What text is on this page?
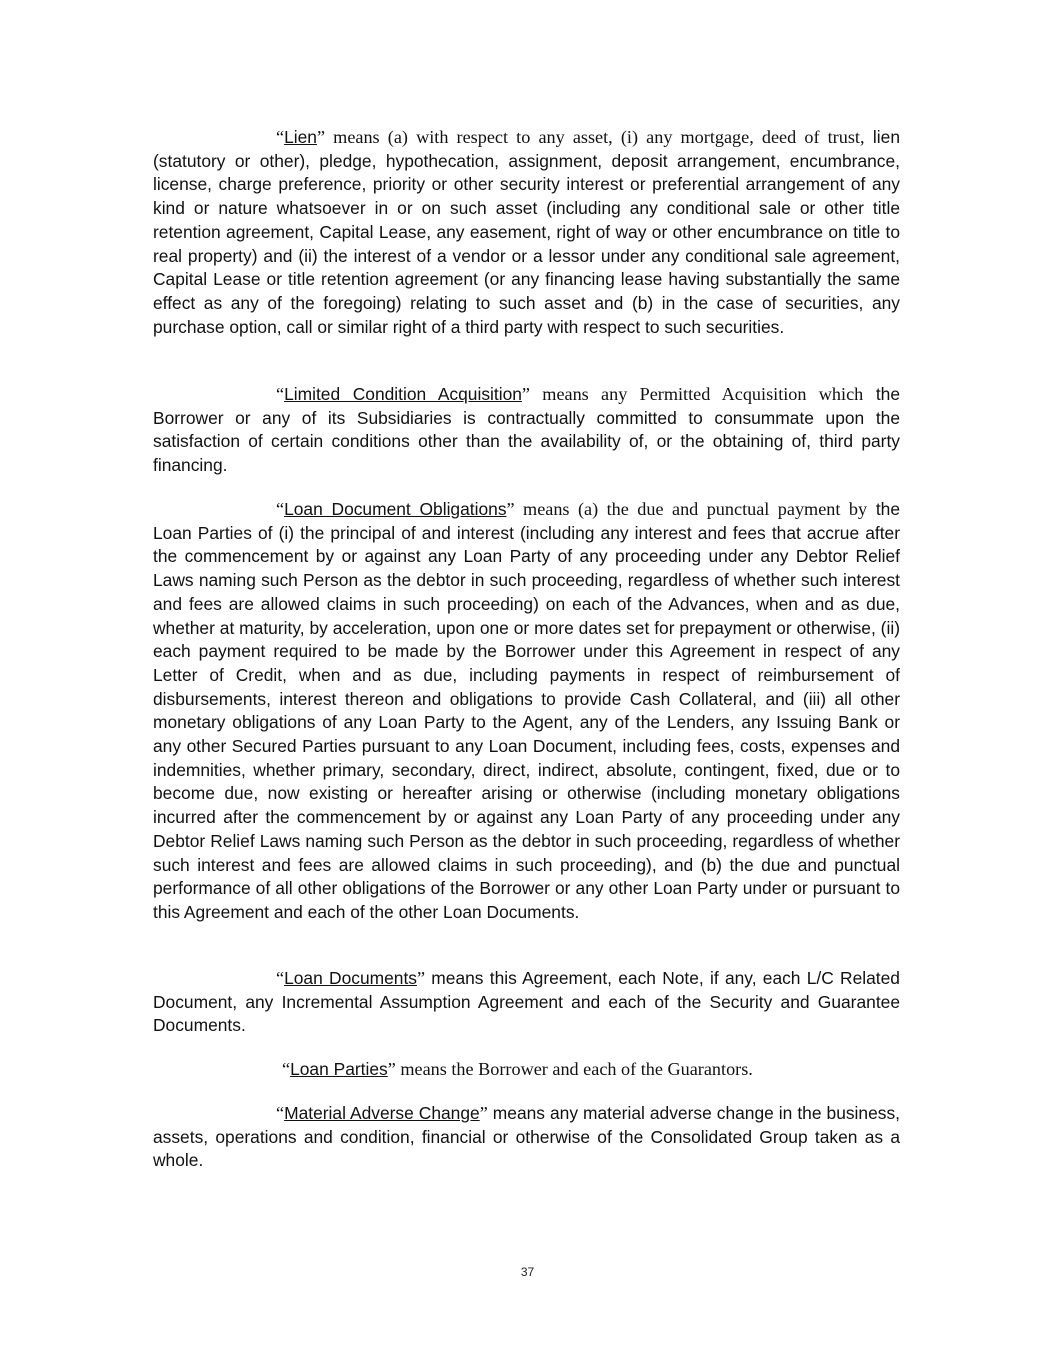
“Lien” means (a) with respect to any asset, (i) any mortgage, deed of trust, lien (statutory or other), pledge, hypothecation, assignment, deposit arrangement, encumbrance, license, charge preference, priority or other security interest or preferential arrangement of any kind or nature whatsoever in or on such asset (including any conditional sale or other title retention agreement, Capital Lease, any easement, right of way or other encumbrance on title to real property) and (ii) the interest of a vendor or a lessor under any conditional sale agreement, Capital Lease or title retention agreement (or any financing lease having substantially the same effect as any of the foregoing) relating to such asset and (b) in the case of securities, any purchase option, call or similar right of a third party with respect to such securities.

“Limited Condition Acquisition” means any Permitted Acquisition which the Borrower or any of its Subsidiaries is contractually committed to consummate upon the satisfaction of certain conditions other than the availability of, or the obtaining of, third party financing.

“Loan Document Obligations” means (a) the due and punctual payment by the Loan Parties of (i) the principal of and interest (including any interest and fees that accrue after the commencement by or against any Loan Party of any proceeding under any Debtor Relief Laws naming such Person as the debtor in such proceeding, regardless of whether such interest and fees are allowed claims in such proceeding) on each of the Advances, when and as due, whether at maturity, by acceleration, upon one or more dates set for prepayment or otherwise, (ii) each payment required to be made by the Borrower under this Agreement in respect of any Letter of Credit, when and as due, including payments in respect of reimbursement of disbursements, interest thereon and obligations to provide Cash Collateral, and (iii) all other monetary obligations of any Loan Party to the Agent, any of the Lenders, any Issuing Bank or any other Secured Parties pursuant to any Loan Document, including fees, costs, expenses and indemnities, whether primary, secondary, direct, indirect, absolute, contingent, fixed, due or to become due, now existing or hereafter arising or otherwise (including monetary obligations incurred after the commencement by or against any Loan Party of any proceeding under any Debtor Relief Laws naming such Person as the debtor in such proceeding, regardless of whether such interest and fees are allowed claims in such proceeding), and (b) the due and punctual performance of all other obligations of the Borrower or any other Loan Party under or pursuant to this Agreement and each of the other Loan Documents.

“Loan Documents” means this Agreement, each Note, if any, each L/C Related Document, any Incremental Assumption Agreement and each of the Security and Guarantee Documents.

“Loan Parties” means the Borrower and each of the Guarantors.

“Material Adverse Change” means any material adverse change in the business, assets, operations and condition, financial or otherwise of the Consolidated Group taken as a whole.

37
